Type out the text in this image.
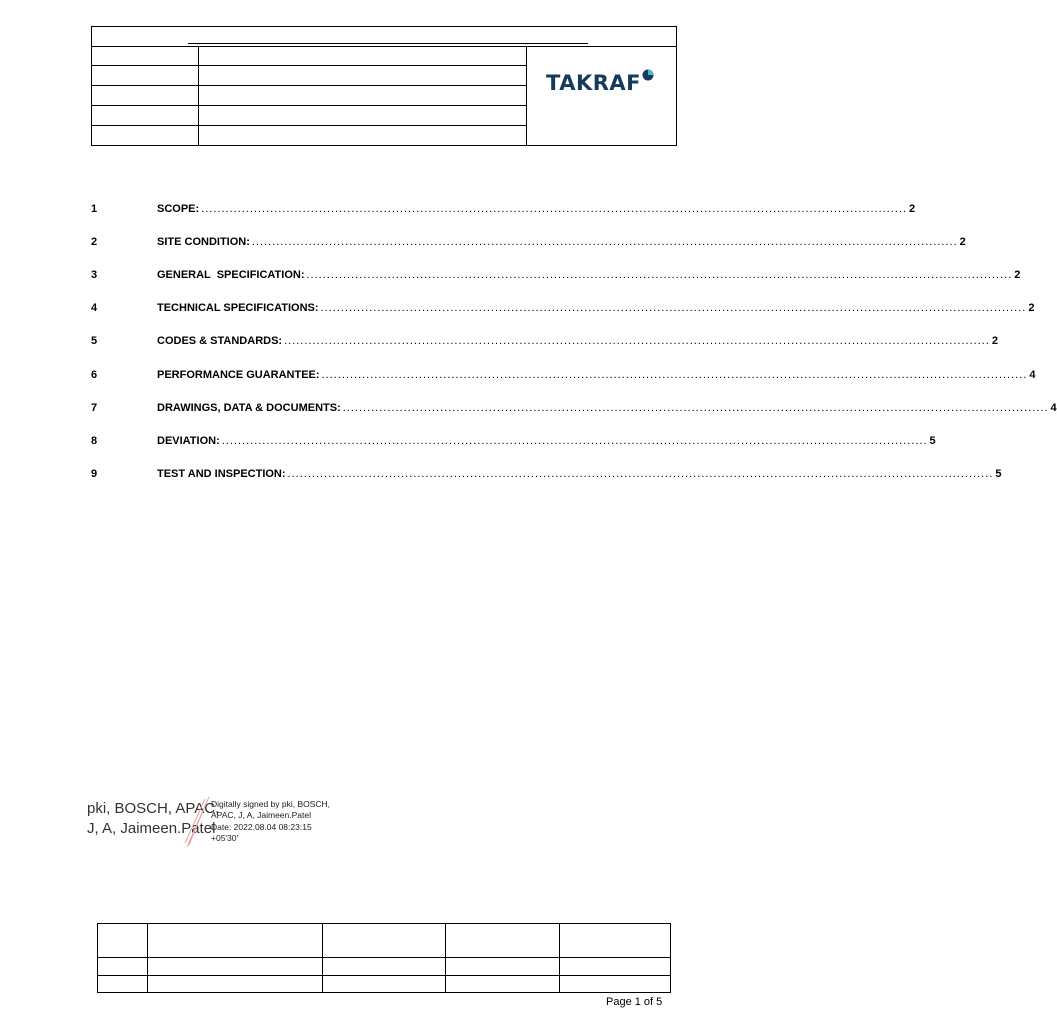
TAKRAF
1	SCOPE: .............................................................................................................................................................................. 2
2	SITE CONDITION: .............................................................................................................................................................................. 2
3	GENERAL  SPECIFICATION: .............................................................................................................................................................................. 2
4	TECHNICAL SPECIFICATIONS: .............................................................................................................................................................................. 2
5	CODES & STANDARDS: .............................................................................................................................................................................. 2
6	PERFORMANCE GUARANTEE: .............................................................................................................................................................................. 4
7	DRAWINGS, DATA & DOCUMENTS: .............................................................................................................................................................................. 4
8	DEVIATION: .............................................................................................................................................................................. 5
9	TEST AND INSPECTION: .............................................................................................................................................................................. 5
pki, BOSCH, APAC,
J, A, Jaimeen.Patel
Digitally signed by pki, BOSCH,
APAC, J, A, Jaimeen.Patel
Date: 2022.08.04 08:23:15
+05'30'
Page 1 of 5
